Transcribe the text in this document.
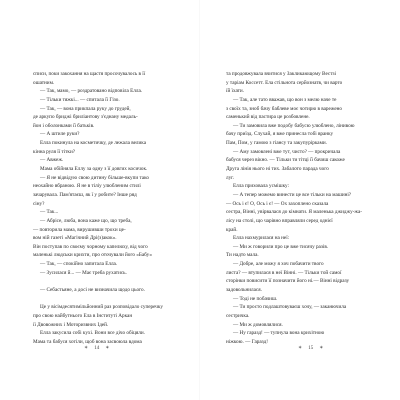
списи, поки закохання на щастя просочувалось в її
ошатним.
— Так, мамо, — роздратовано відповіла Елла.
— Тільки тяжкі... — спитала її Гізо.
— Так, — вона прикпала руку до грудей,
де аркупо бриджі бриліантову з'єднану медаль-
йон і оболонками її батьків.
— А штиле руки?
Елла покинула на косметичку, де лежала велика
кінна руля її тітки?
— Авжеж.
Мама обійняла Еллу за одну з її довгих косичок.
— Я не відвідую свою дитину більше-вкупи тако
неохайно вбраною. Я не в тіліу улюбленим стилі
зачарувала. Пам'ятаєш, як ї у робите? Інше ряд
сіну?
— Так...
— Абрісе, люба, вона каже що, що треба,
— повторила мама, вирушивши трохи це-
вом ній газеті «Магічний Дрі(з)акок».
Він поступав по своєму чорному капелюху, від чого
маленькі людськи крихти, про оточували його «Бабу»
— Так, — спокійно запитала Елла.
— Зусилася й... — Має треба рухатись.
— Себастьяне, а досі не визначила щодо цього.
Це у вісімдесятимільйонний раз розповідало суперечку
про свою найбутнього Ела в Інституті Аркан
ії Двовожних і Моторизвних Ідей.
Елла закусила собі кухі. Вони все дічо обіцяли.
Мама та бабуся хотіли, щоб вона засвоюла вдома
✶ 14 ✶
та продовжувала вчитися у Закликающому Вестзі
у таріам Коссетт. Ела стільнота серйознатв, чи варто
їй їхати.
— Так, але тато вважав, що вон з мелю наче те
з своїх та, зноб бачу баблеве моє чотирю в варежено
саменький від пастира це розбовлене.
— Ти замовила вже подобу бабусю улюблено, лінивою
бачу приїзд. Слухай, я вже принесла тобі вранку
Пам, Пом, у гамою з гіансу та закупурірками.
— Аму замовлені вже тут, чисто? — прокричала
бабуся через вікно. — Тільки ти тітці її бачиш сакоже
Друга лінія нього ні тих. Забалото парада чого
луг.
Елла приховала усмішку:
— А тепер можемо винести це все тільки на машині?
— Ось і є! О, Ось і є! — Ох захоплено сказала
сестра, Вінні, увірвалася до кімнати. Я маленька джиджу-жа-
лісу на столі, що чарівно вправляли серед однієї
край.
Елла нахмурилася на неї:
— Ми ж говорили про це вже тисячу разів.
Ти надто мала.
— Добре, але можу я хоч побачити твого
листа? — втупилася в неї Вінні. — Тільки той самої
сторінки повисити її позначити його ні.— Вінні відразу
задовольнилася.
— Тоді не побачиш.
— Ти просто подлаштовуваєш хочу, — заканючила
сестричка.
— Ми ж домовлялися.
— Ну гаразд! — тупнула вона крихітною
ніжкою. — Гаразд!
✶ 15 ✶
